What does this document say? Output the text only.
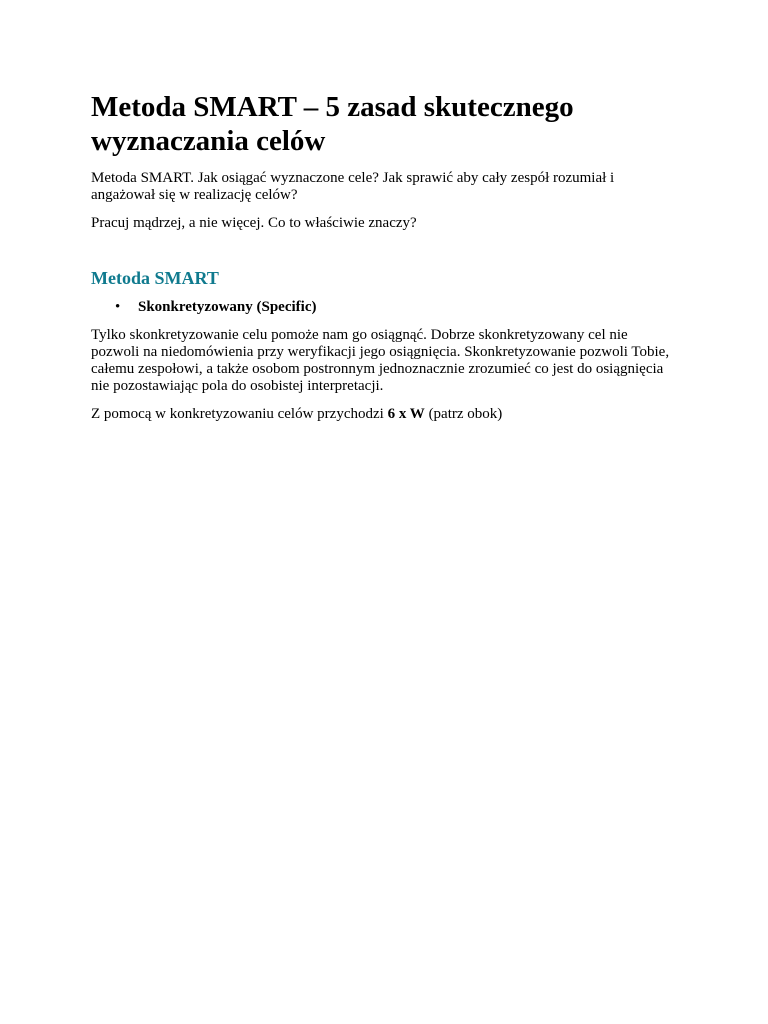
Metoda SMART – 5 zasad skutecznego wyznaczania celów

Metoda SMART. Jak osiągać wyznaczone cele? Jak sprawić aby cały zespół rozumiał i angażował się w realizację celów?

Pracuj mądrzej, a nie więcej. Co to właściwie znaczy?

Metoda SMART
• Skonkretyzowany (Specific)

Tylko skonkretyzowanie celu pomoże nam go osiągnąć. Dobrze skonkretyzowany cel nie pozwoli na niedomówienia przy weryfikacji jego osiągnięcia. Skonkretyzowanie pozwoli Tobie, całemu zespołowi, a także osobom postronnym jednoznacznie zrozumieć co jest do osiągnięcia nie pozostawiając pola do osobistej interpretacji.

Z pomocą w konkretyzowaniu celów przychodzi 6 x W (patrz obok)
